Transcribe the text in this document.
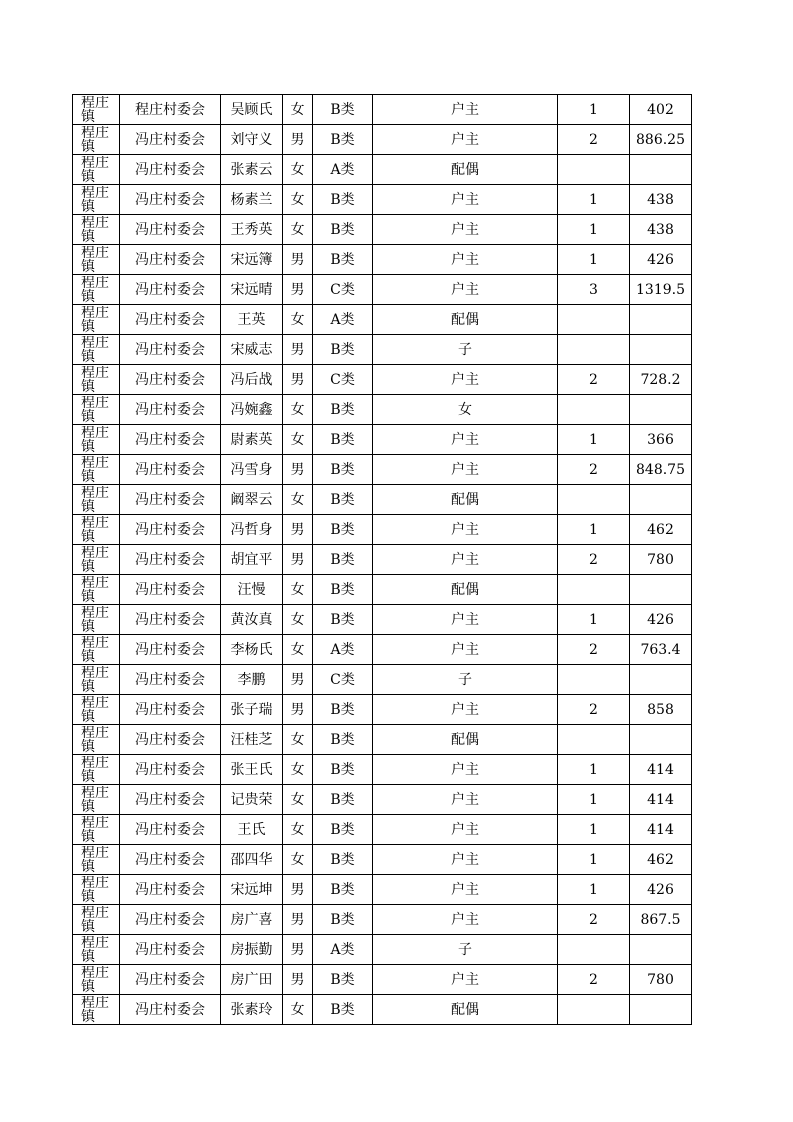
程庄镇	程庄村委会	吴顾氏	女	B类	户主	1	402

程庄镇	冯庄村委会	刘守义	男	B类	户主	2	886.25

程庄镇	冯庄村委会	张素云	女	A类	配偶		

程庄镇	冯庄村委会	杨素兰	女	B类	户主	1	438

程庄镇	冯庄村委会	王秀英	女	B类	户主	1	438

程庄镇	冯庄村委会	宋远簿	男	B类	户主	1	426

程庄镇	冯庄村委会	宋远晴	男	C类	户主	3	1319.5

程庄镇	冯庄村委会	王英	女	A类	配偶		

程庄镇	冯庄村委会	宋威志	男	B类	子		

程庄镇	冯庄村委会	冯后战	男	C类	户主	2	728.2

程庄镇	冯庄村委会	冯婉鑫	女	B类	女		

程庄镇	冯庄村委会	尉素英	女	B类	户主	1	366

程庄镇	冯庄村委会	冯雪身	男	B类	户主	2	848.75

程庄镇	冯庄村委会	阚翠云	女	B类	配偶		

程庄镇	冯庄村委会	冯哲身	男	B类	户主	1	462

程庄镇	冯庄村委会	胡宜平	男	B类	户主	2	780

程庄镇	冯庄村委会	汪慢	女	B类	配偶		

程庄镇	冯庄村委会	黄汝真	女	B类	户主	1	426

程庄镇	冯庄村委会	李杨氏	女	A类	户主	2	763.4

程庄镇	冯庄村委会	李鹏	男	C类	子		

程庄镇	冯庄村委会	张子瑞	男	B类	户主	2	858

程庄镇	冯庄村委会	汪桂芝	女	B类	配偶		

程庄镇	冯庄村委会	张王氏	女	B类	户主	1	414

程庄镇	冯庄村委会	记贵荣	女	B类	户主	1	414

程庄镇	冯庄村委会	王氏	女	B类	户主	1	414

程庄镇	冯庄村委会	邵四华	女	B类	户主	1	462

程庄镇	冯庄村委会	宋远坤	男	B类	户主	1	426

程庄镇	冯庄村委会	房广喜	男	B类	户主	2	867.5

程庄镇	冯庄村委会	房振勤	男	A类	子		

程庄镇	冯庄村委会	房广田	男	B类	户主	2	780

程庄镇	冯庄村委会	张素玲	女	B类	配偶		
